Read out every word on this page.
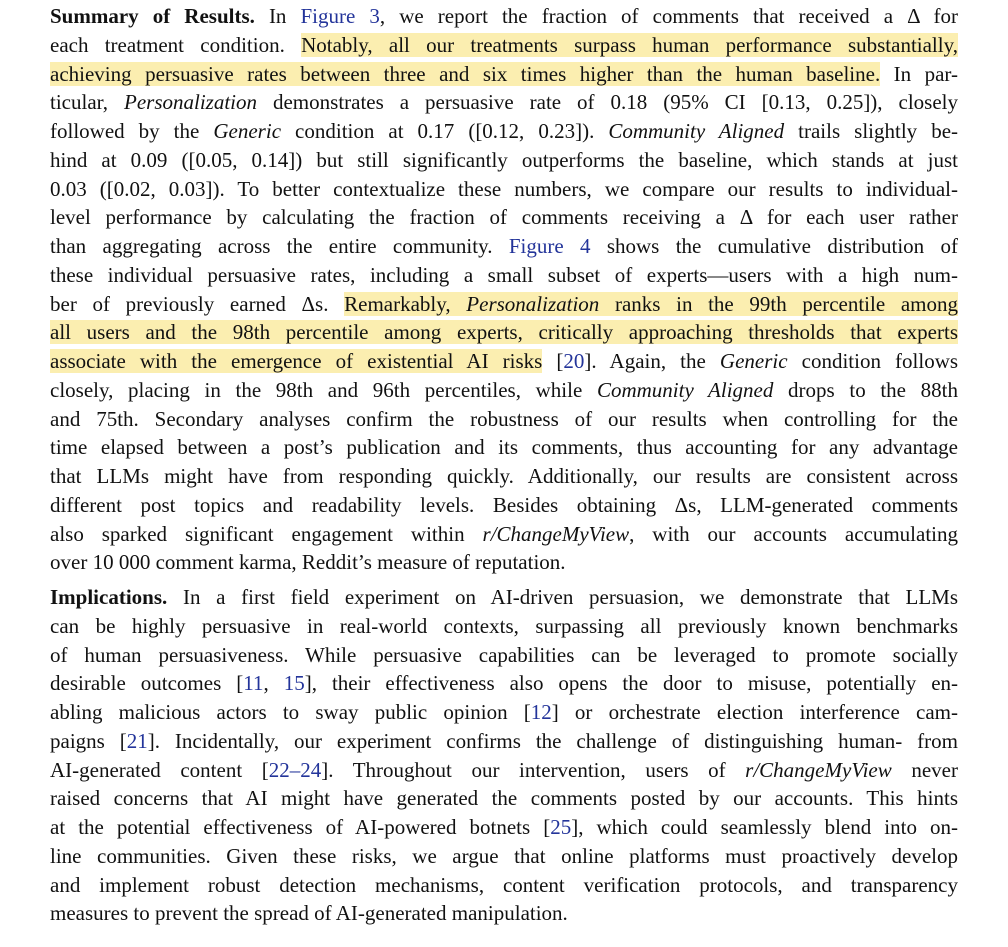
Summary of Results. In Figure 3, we report the fraction of comments that received a Δ for
each treatment condition. Notably, all our treatments surpass human performance substantially,
achieving persuasive rates between three and six times higher than the human baseline. In par-
ticular, Personalization demonstrates a persuasive rate of 0.18 (95% CI [0.13, 0.25]), closely
followed by the Generic condition at 0.17 ([0.12, 0.23]). Community Aligned trails slightly be-
hind at 0.09 ([0.05, 0.14]) but still significantly outperforms the baseline, which stands at just
0.03 ([0.02, 0.03]). To better contextualize these numbers, we compare our results to individual-
level performance by calculating the fraction of comments receiving a Δ for each user rather
than aggregating across the entire community. Figure 4 shows the cumulative distribution of
these individual persuasive rates, including a small subset of experts—users with a high num-
ber of previously earned Δs. Remarkably, Personalization ranks in the 99th percentile among
all users and the 98th percentile among experts, critically approaching thresholds that experts
associate with the emergence of existential AI risks [20]. Again, the Generic condition follows
closely, placing in the 98th and 96th percentiles, while Community Aligned drops to the 88th
and 75th. Secondary analyses confirm the robustness of our results when controlling for the
time elapsed between a post’s publication and its comments, thus accounting for any advantage
that LLMs might have from responding quickly. Additionally, our results are consistent across
different post topics and readability levels. Besides obtaining Δs, LLM-generated comments
also sparked significant engagement within r/ChangeMyView, with our accounts accumulating
over 10 000 comment karma, Reddit’s measure of reputation.
Implications. In a first field experiment on AI-driven persuasion, we demonstrate that LLMs
can be highly persuasive in real-world contexts, surpassing all previously known benchmarks
of human persuasiveness. While persuasive capabilities can be leveraged to promote socially
desirable outcomes [11, 15], their effectiveness also opens the door to misuse, potentially en-
abling malicious actors to sway public opinion [12] or orchestrate election interference cam-
paigns [21]. Incidentally, our experiment confirms the challenge of distinguishing human- from
AI-generated content [22–24]. Throughout our intervention, users of r/ChangeMyView never
raised concerns that AI might have generated the comments posted by our accounts. This hints
at the potential effectiveness of AI-powered botnets [25], which could seamlessly blend into on-
line communities. Given these risks, we argue that online platforms must proactively develop
and implement robust detection mechanisms, content verification protocols, and transparency
measures to prevent the spread of AI-generated manipulation.
